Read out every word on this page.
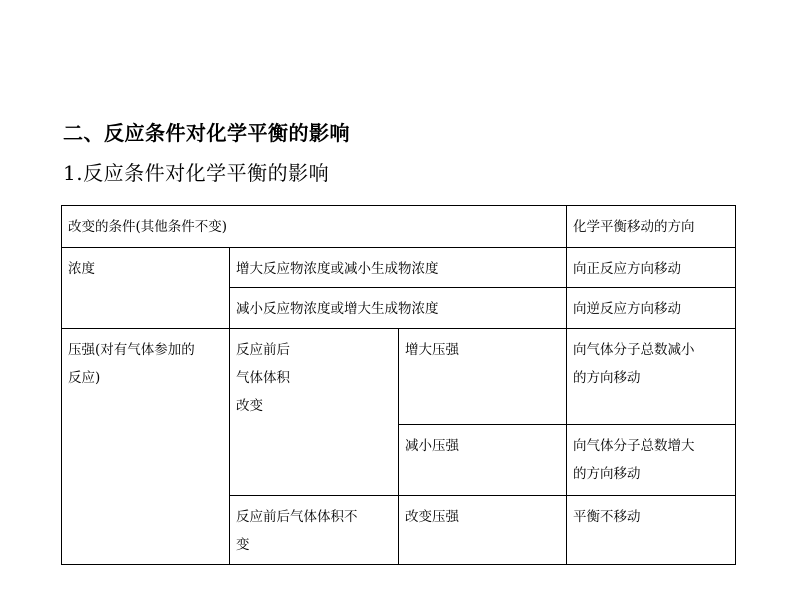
二、反应条件对化学平衡的影响
1.反应条件对化学平衡的影响
改变的条件(其他条件不变)			化学平衡移动的方向
浓度	增大反应物浓度或减小生成物浓度		向正反应方向移动
	减小反应物浓度或增大生成物浓度		向逆反应方向移动
压强(对有气体参加的
反应)	反应前后
气体体积
改变	增大压强	向气体分子总数减小
的方向移动
		减小压强	向气体分子总数增大
的方向移动
	反应前后气体体积不
变	改变压强	平衡不移动
